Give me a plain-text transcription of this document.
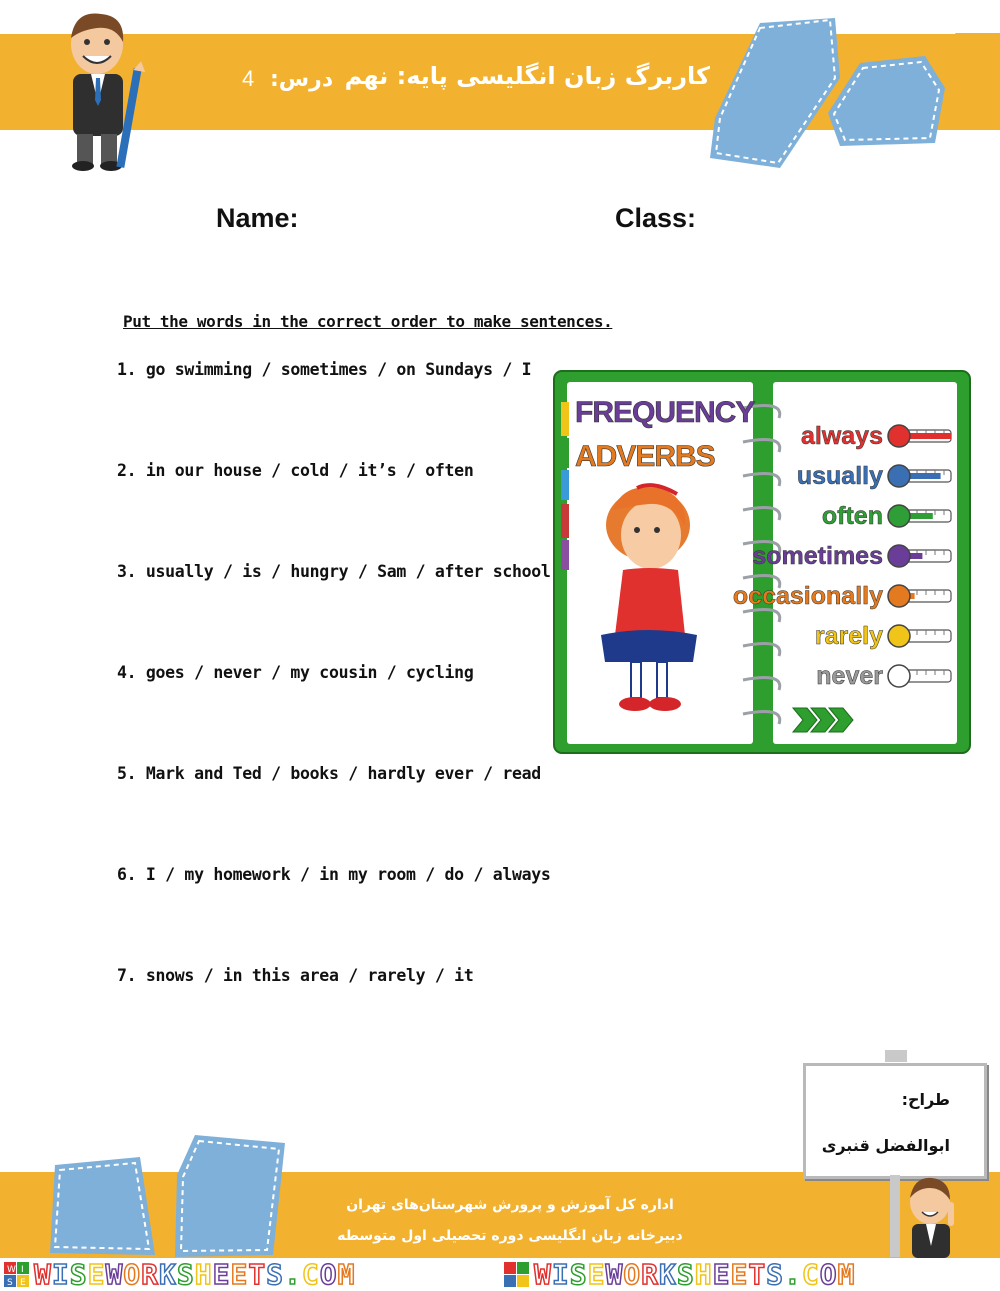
کاربرگ زبان انگلیسی پایه: نهم
درس:
4
Name:	Class:
Put the words in the correct order to make sentences.
1. go swimming / sometimes / on Sundays / I
2. in our house / cold / it’s / often
3. usually / is / hungry / Sam / after school
4. goes / never / my cousin / cycling
5. Mark and Ted / books / hardly ever / read
6. I / my homework / in my room / do / always
7. snows / in this area / rarely / it
FREQUENCY
ADVERBS
always
usually
often
sometimes
occasionally
rarely
never
اداره کل آموزش و پرورش شهرستان‌های تهران
دبیرخانه زبان انگلیسی دوره تحصیلی اول متوسطه
طراح:
ابوالفضل قنبری
W I
S E WISEWORKSHEETS.COM	WISEWORKSHEETS.COM
